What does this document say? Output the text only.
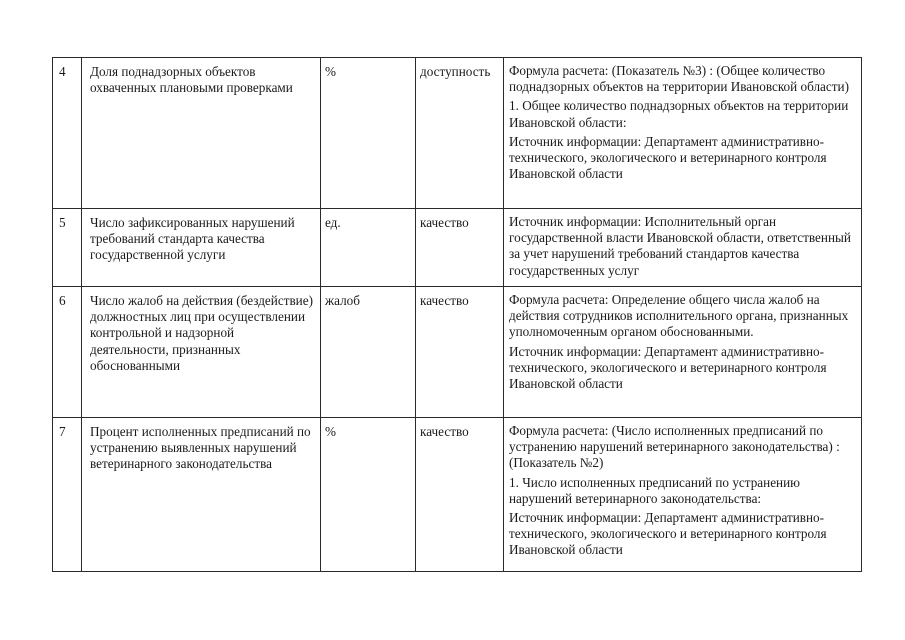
4	Доля поднадзорных объектов охваченных плановыми проверками	%	доступность	Формула расчета: (Показатель №3) : (Общее количество поднадзорных объектов на территории Ивановской области)
1. Общее количество поднадзорных объектов на территории Ивановской области:
Источник информации: Департамент административно-технического, экологического и ветеринарного контроля Ивановской области

5	Число зафиксированных нарушений требований стандарта качества государственной услуги	ед.	качество	Источник информации: Исполнительный орган государственной власти Ивановской области, ответственный за учет нарушений требований стандартов качества государственных услуг

6	Число жалоб на действия (бездействие) должностных лиц при осуществлении контрольной и надзорной деятельности, признанных обоснованными	жалоб	качество	Формула расчета: Определение общего числа жалоб на действия сотрудников исполнительного органа, признанных уполномоченным органом обоснованными.
Источник информации: Департамент административно-технического, экологического и ветеринарного контроля Ивановской области

7	Процент исполненных предписаний по устранению выявленных нарушений ветеринарного законодательства	%	качество	Формула расчета: (Число исполненных предписаний по устранению нарушений ветеринарного законодательства) : (Показатель №2)
1. Число исполненных предписаний по устранению нарушений ветеринарного законодательства:
Источник информации: Департамент административно-технического, экологического и ветеринарного контроля Ивановской области
